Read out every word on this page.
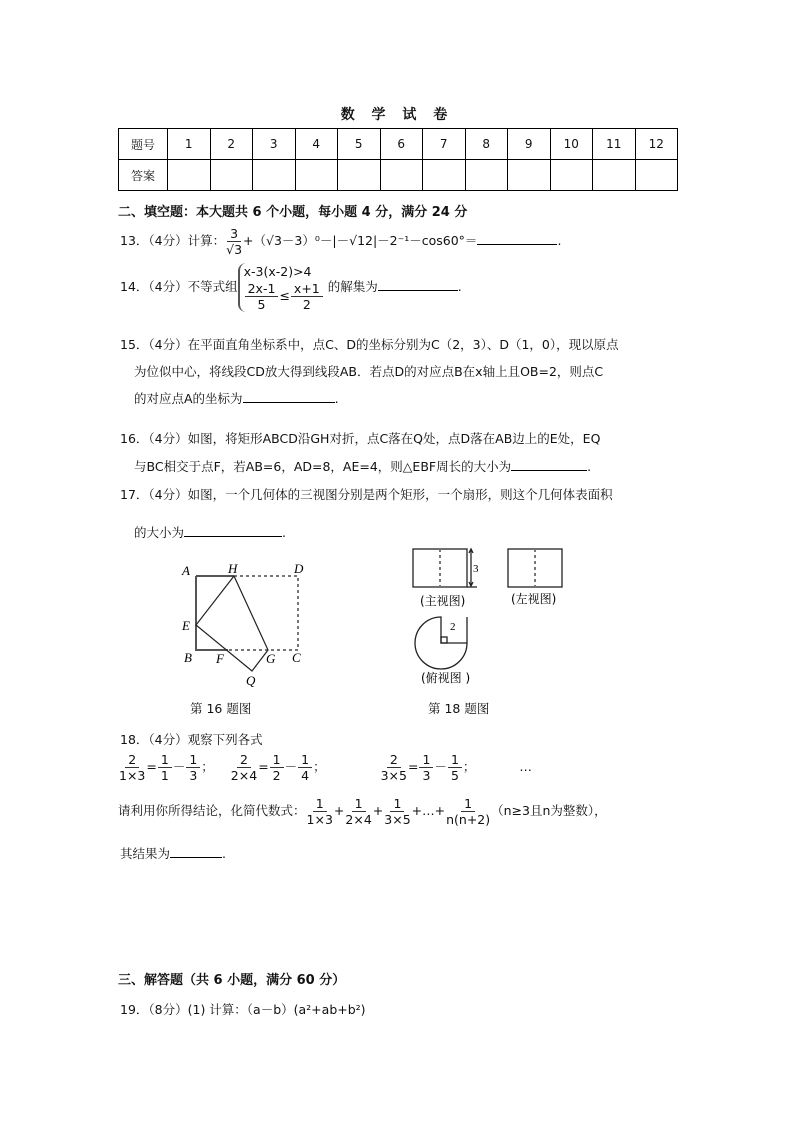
数 学 试 卷
题号	1	2	3	4	5	6	7	8	9	10	11	12
答案												
二、填空题：本大题共 6 个小题，每小题 4 分，满分 24 分
13．（4分）计算： $\frac{3}{√3} +(√3-3)^0-|-√12|-2^{-1}-\cos 60^\circ=$	.
14．（4分）不等式组x-3(x-2)>4

$\frac{2x-1}{5} \le \frac{x+1}{2}$ 的解集为	.
15．（4分）在平面直角坐标系中，点C、D的坐标分别为C（2，3）、D（1，0），现以原点
为位似中心，将线段CD放大得到线段AB．若点D的对应点B在x轴上且OB=2，则点C
的对应点A的坐标为	.
16．（4分）如图，将矩形ABCD沿GH对折，点C落在Q处，点D落在AB边上的E处，EQ
与BC相交于点F，若AB=6，AD=8，AE=4，则△EBF周长的大小为	.
17．（4分）如图，一个几何体的三视图分别是两个矩形，一个扇形，则这个几何体表面积
的大小为	.
A	H	D
E
B F	G C
Q
第 16 题图
3
2
(主视图)	(左视图)
(俯视图 )
第 18 题图
18．（4分）观察下列各式
$\frac{2}{1\times 3} = \frac{1}{1} - \frac{1}{3}$ ； $\frac{2}{2\times 4} = \frac{1}{2} - \frac{1}{4}$ ；	$\frac{2}{3\times 5} = \frac{1}{3} - \frac{1}{5}$ ；	…
请利用你所得结论，化简代数式： $\frac{1}{1\times 3} + \frac{1}{2\times 4} + \frac{1}{3\times 5}$ +…+ $\frac{1}{n(n+2)} (n\ge 3$且n为整数），
其结果为	.
三、解答题（共 6 小题，满分 60 分）
19．（8分）(1) 计算：（a－b）(a²+ab+b²)
